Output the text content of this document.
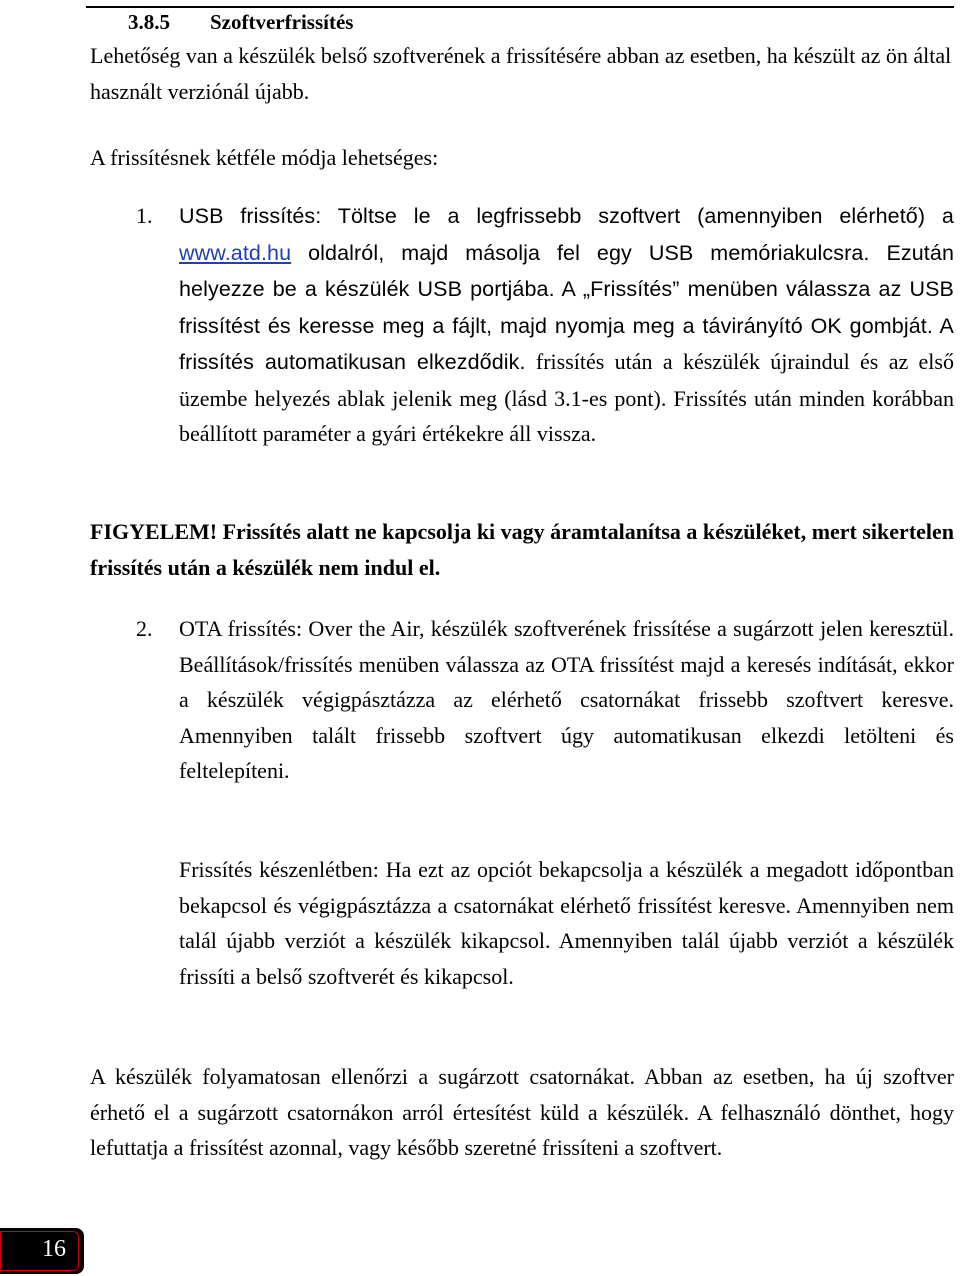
3.8.5 Szoftverfrissítés
Lehetőség van a készülék belső szoftverének a frissítésére abban az esetben, ha készült az ön által használt verziónál újabb.
A frissítésnek kétféle módja lehetséges:
1. USB frissítés: Töltse le a legfrissebb szoftvert (amennyiben elérhető) a www.atd.hu oldalról, majd másolja fel egy USB memóriakulcsra. Ezután helyezze be a készülék USB portjába. A „Frissítés” menüben válassza az USB frissítést és keresse meg a fájlt, majd nyomja meg a távirányító OK gombját. A frissítés automatikusan elkezdődik. frissítés után a készülék újraindul és az első üzembe helyezés ablak jelenik meg (lásd 3.1-es pont). Frissítés után minden korábban beállított paraméter a gyári értékekre áll vissza.
FIGYELEM! Frissítés alatt ne kapcsolja ki vagy áramtalanítsa a készüléket, mert sikertelen frissítés után a készülék nem indul el.
2. OTA frissítés: Over the Air, készülék szoftverének frissítése a sugárzott jelen keresztül. Beállítások/frissítés menüben válassza az OTA frissítést majd a keresés indítását, ekkor a készülék végigpásztázza az elérhető csatornákat frissebb szoftvert keresve. Amennyiben talált frissebb szoftvert úgy automatikusan elkezdi letölteni és feltelepíteni.
Frissítés készenlétben: Ha ezt az opciót bekapcsolja a készülék a megadott időpontban bekapcsol és végigpásztázza a csatornákat elérhető frissítést keresve. Amennyiben nem talál újabb verziót a készülék kikapcsol. Amennyiben talál újabb verziót a készülék frissíti a belső szoftverét és kikapcsol.
A készülék folyamatosan ellenőrzi a sugárzott csatornákat. Abban az esetben, ha új szoftver érhető el a sugárzott csatornákon arról értesítést küld a készülék. A felhasználó dönthet, hogy lefuttatja a frissítést azonnal, vagy később szeretné frissíteni a szoftvert.
16
